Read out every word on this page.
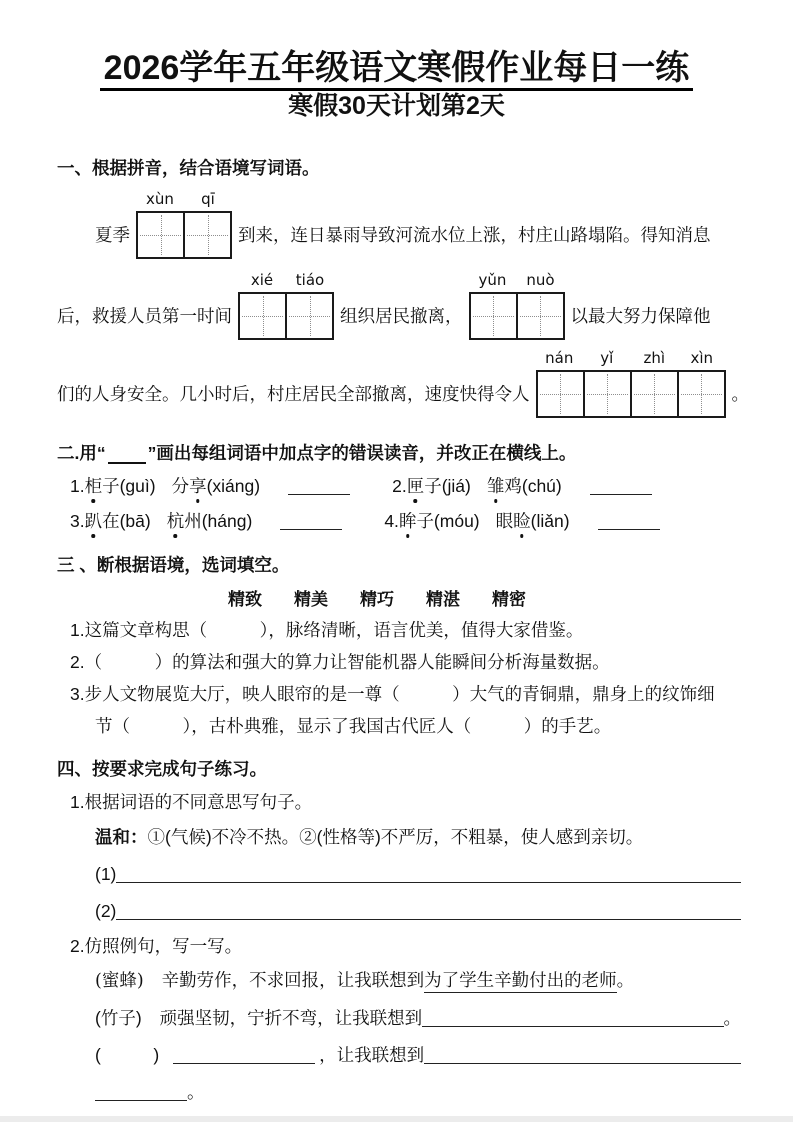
2026学年五年级语文寒假作业每日一练
寒假30天计划第2天
一、根据拼音，结合语境写词语。
夏季
xùn	qī
到来，连日暴雨导致河流水位上涨，村庄山路塌陷。得知消息
后，救援人员第一时间
xié	tiáo
组织居民撤离，
yǔn	nuò
以最大努力保障他
们的人身安全。几小时后，村庄居民全部撤离，速度快得令人
nán	yǐ	zhì	xìn
。
二.用“ ”画出每组词语中加点字的错误读音，并改正在横线上。
1. 柜子(guì) 分享(xiáng)	2. 匣子(jiá) 雏鸡(chú)
3. 趴在(bā) 杭州(háng)	4. 眸子(móu) 眼睑(liǎn)
三 、断根据语境，选词填空。
精致 精美 精巧 精湛 精密
1.这篇文章构思（　　　），脉络清晰，语言优美，值得大家借鉴。
2.（　　　）的算法和强大的算力让智能机器人能瞬间分析海量数据。
3.步人文物展览大厅，映人眼帘的是一尊（　　　）大气的青铜鼎，鼎身上的纹饰细
节（　　　），古朴典雅，显示了我国古代匠人（　　　）的手艺。
四、按要求完成句子练习。
1.根据词语的不同意思写句子。
温和：①(气候)不冷不热。②(性格等)不严厉，不粗暴，使人感到亲切。
(1)
(2)
2.仿照例句，写一写。
(蜜蜂) 辛勤劳作，不求回报，让我联想到为了学生辛勤付出的老师。
(竹子) 顽强坚韧，宁折不弯，让我联想到	。
(　　　)	，让我联想到
。
